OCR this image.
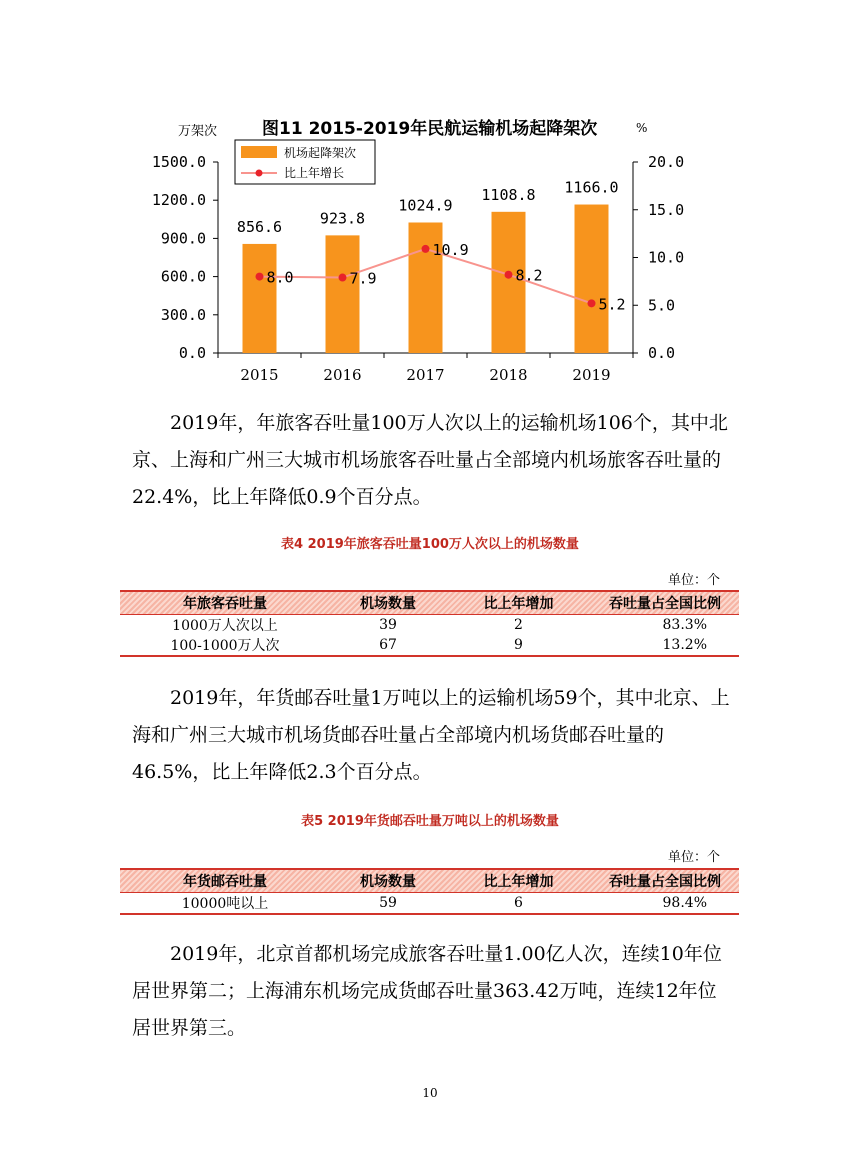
图11 2015-2019年民航运输机场起降架次
万架次	%
0.0
300.0
600.0
900.0
1200.0
1500.0
0.0
5.0
10.0
15.0
20.0
2015	2016	2017	2018	2019
856.6	923.8
1024.9
1108.8 1166.0
8.0	7.9
10.9
8.2
5.2
机场起降架次
比上年增长
2019年，年旅客吞吐量100万人次以上的运输机场106个，其中北京、上海和广州三大城市机场旅客吞吐量占全部境内机场旅客吞吐量的22.4%，比上年降低0.9个百分点。
表4 2019年旅客吞吐量100万人次以上的机场数量
单位：个
年旅客吞吐量	机场数量	比上年增加	吞吐量占全国比例
1000万人次以上	39	2	83.3%
100-1000万人次	67	9	13.2%
2019年，年货邮吞吐量1万吨以上的运输机场59个，其中北京、上海和广州三大城市机场货邮吞吐量占全部境内机场货邮吞吐量的46.5%，比上年降低2.3个百分点。
表5 2019年货邮吞吐量万吨以上的机场数量
单位：个
年货邮吞吐量	机场数量	比上年增加	吞吐量占全国比例
10000吨以上	59	6	98.4%
2019年，北京首都机场完成旅客吞吐量1.00亿人次，连续10年位居世界第二；上海浦东机场完成货邮吞吐量363.42万吨，连续12年位居世界第三。
10
